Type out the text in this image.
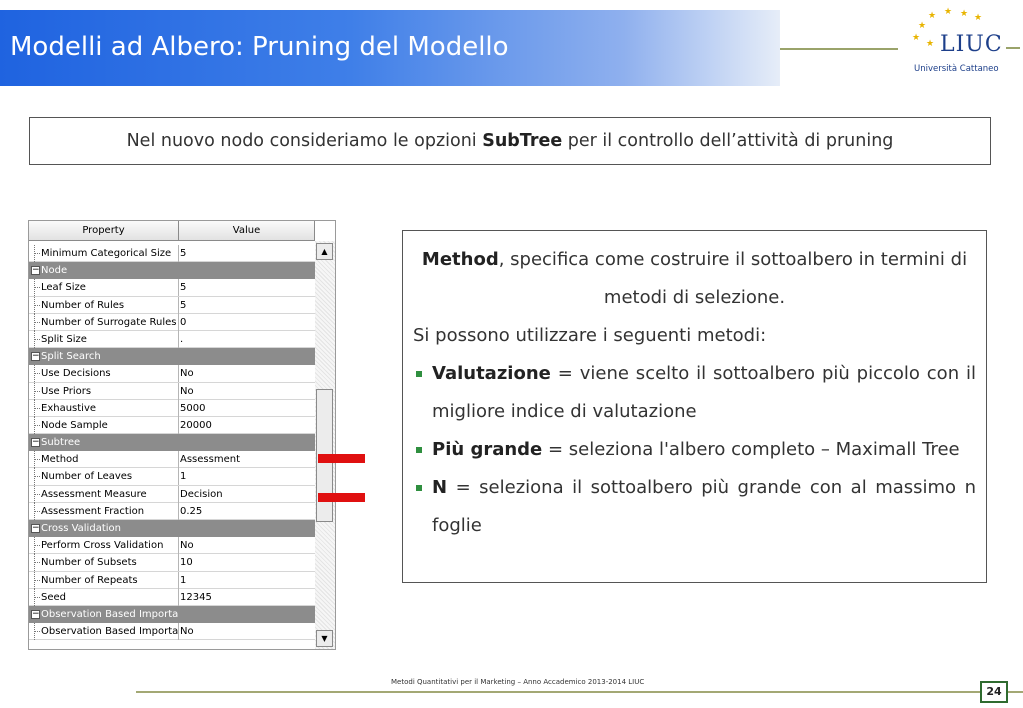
Modelli ad Albero: Pruning del Modello
★ ★ ★ ★
★
★
★ LIUC
Università Cattaneo
Nel nuovo nodo consideriamo le opzioni SubTree per il controllo dell’attività di pruning
Property	Value
Minimum Categorical Size 5
− Node
Leaf Size	5
Number of Rules	5
Number of Surrogate Rules 0
Split Size	.
− Split Search
Use Decisions	No
Use Priors	No
Exhaustive	5000
Node Sample	20000
− Subtree
Method	Assessment
Number of Leaves	1
Assessment Measure	Decision
Assessment Fraction	0.25
− Cross Validation
Perform Cross Validation	No
Number of Subsets	10
Number of Repeats	1
Seed	12345
− Observation Based Importa
Observation Based Importa No
▲
▼
Method, specifica come costruire il sottoalbero in termini di metodi di selezione.
Si possono utilizzare i seguenti metodi:
Valutazione = viene scelto il sottoalbero più piccolo con il migliore indice di valutazione
Più grande = seleziona l'albero completo – Maximall Tree
N = seleziona il sottoalbero più grande con al massimo n foglie
Metodi Quantitativi per il Marketing – Anno Accademico 2013-2014 LIUC
24
